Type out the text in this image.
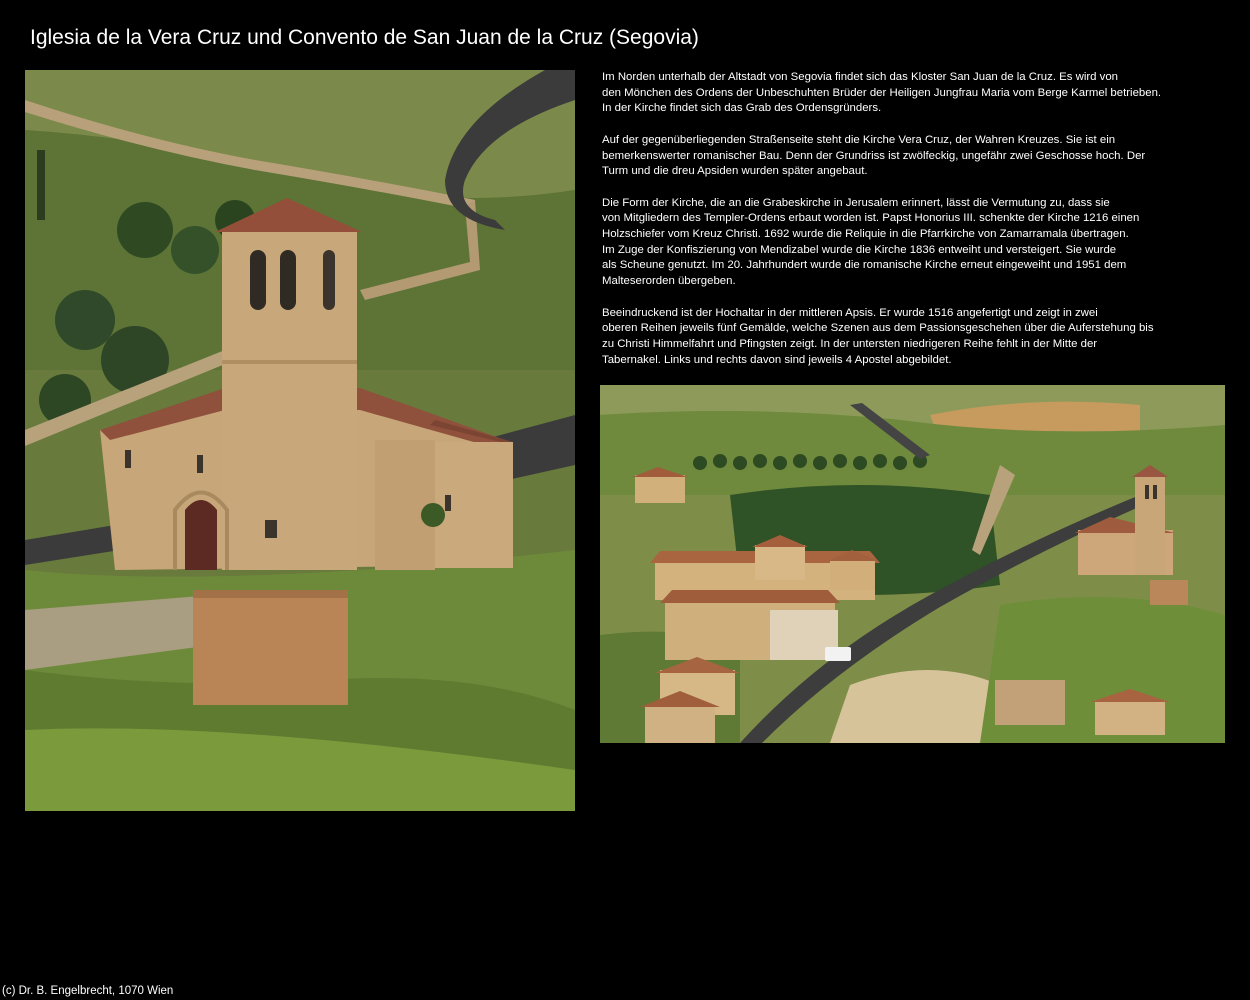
Iglesia de la Vera Cruz und Convento de San Juan de la Cruz (Segovia)

Im Norden unterhalb der Altstadt von Segovia findet sich das Kloster San Juan de la Cruz. Es wird von
den Mönchen des Ordens der Unbeschuhten Brüder der Heiligen Jungfrau Maria vom Berge Karmel betrieben.
In der Kirche findet sich das Grab des Ordensgründers.

Auf der gegenüberliegenden Straßenseite steht die Kirche Vera Cruz, der Wahren Kreuzes. Sie ist ein
bemerkenswerter romanischer Bau. Denn der Grundriss ist zwölfeckig, ungefähr zwei Geschosse hoch. Der
Turm und die dreu Apsiden wurden später angebaut.

Die Form der Kirche, die an die Grabeskirche in Jerusalem erinnert, lässt die Vermutung zu, dass sie
von Mitgliedern des Templer-Ordens erbaut worden ist. Papst Honorius III. schenkte der Kirche 1216 einen
Holzschiefer vom Kreuz Christi. 1692 wurde die Reliquie in die Pfarrkirche von Zamarramala übertragen.
Im Zuge der Konfiszierung von Mendizabel wurde die Kirche 1836 entweiht und versteigert. Sie wurde
als Scheune genutzt. Im 20. Jahrhundert wurde die romanische Kirche erneut eingeweiht und 1951 dem
Malteserorden übergeben.

Beeindruckend ist der Hochaltar in der mittleren Apsis. Er wurde 1516 angefertigt und zeigt in zwei
oberen Reihen jeweils fünf Gemälde, welche Szenen aus dem Passionsgeschehen über die Auferstehung bis
zu Christi Himmelfahrt und Pfingsten zeigt. In der untersten niedrigeren Reihe fehlt in der Mitte der
Tabernakel. Links und rechts davon sind jeweils 4 Apostel abgebildet.

(c) Dr. B. Engelbrecht, 1070 Wien
